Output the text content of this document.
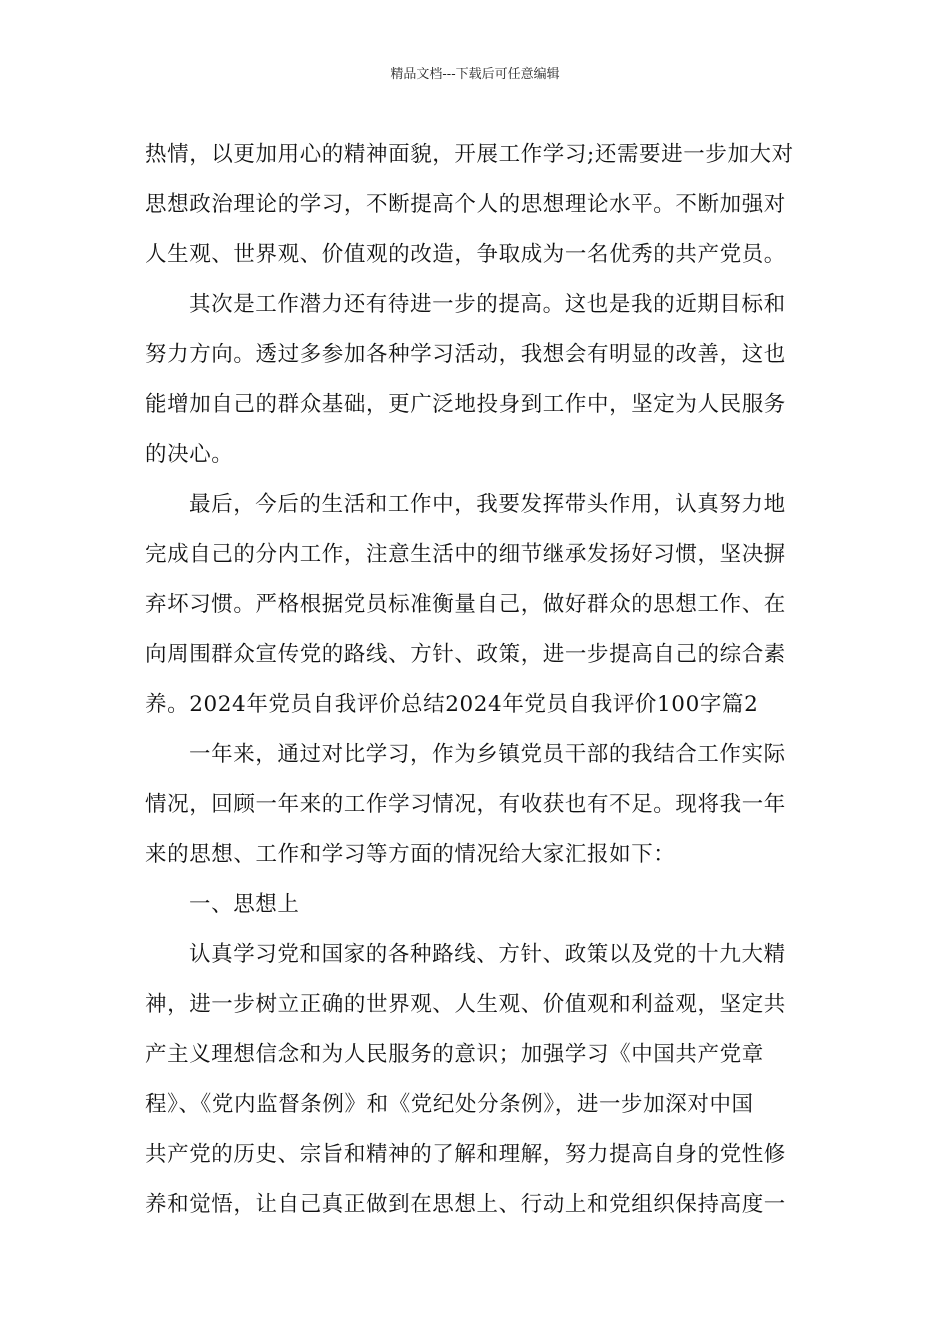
精品文档---下载后可任意编辑

热情，以更加用心的精神面貌，开展工作学习;还需要进一步加大对
思想政治理论的学习，不断提高个人的思想理论水平。不断加强对
人生观、世界观、价值观的改造，争取成为一名优秀的共产党员。

其次是工作潜力还有待进一步的提高。这也是我的近期目标和
努力方向。透过多参加各种学习活动，我想会有明显的改善，这也
能增加自己的群众基础，更广泛地投身到工作中，坚定为人民服务
的决心。

最后，今后的生活和工作中，我要发挥带头作用，认真努力地
完成自己的分内工作，注意生活中的细节继承发扬好习惯，坚决摒
弃坏习惯。严格根据党员标准衡量自己，做好群众的思想工作、在
向周围群众宣传党的路线、方针、政策，进一步提高自己的综合素
养。2024年党员自我评价总结2024年党员自我评价100字篇2

一年来，通过对比学习，作为乡镇党员干部的我结合工作实际
情况，回顾一年来的工作学习情况，有收获也有不足。现将我一年
来的思想、工作和学习等方面的情况给大家汇报如下：

一、思想上

认真学习党和国家的各种路线、方针、政策以及党的十九大精
神，进一步树立正确的世界观、人生观、价值观和利益观，坚定共
产主义理想信念和为人民服务的意识；加强学习《中国共产党章
程》、《党内监督条例》和《党纪处分条例》，进一步加深对中国
共产党的历史、宗旨和精神的了解和理解，努力提高自身的党性修
养和觉悟，让自己真正做到在思想上、行动上和党组织保持高度一
